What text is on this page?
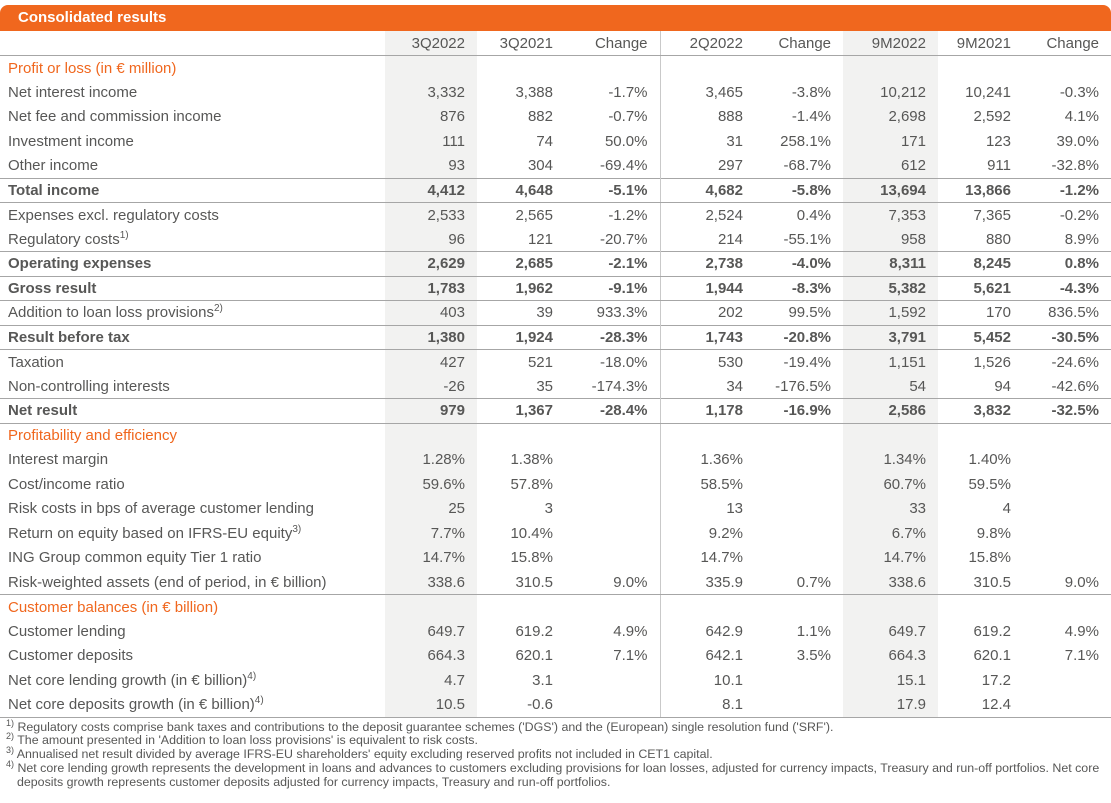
Consolidated results
	3Q2022	3Q2021	Change	2Q2022	Change	9M2022	9M2021	Change
Profit or loss (in € million)								
Net interest income	3,332	3,388	-1.7%	3,465	-3.8%	10,212	10,241	-0.3%
Net fee and commission income	876	882	-0.7%	888	-1.4%	2,698	2,592	4.1%
Investment income	111	74	50.0%	31	258.1%	171	123	39.0%
Other income	93	304	-69.4%	297	-68.7%	612	911	-32.8%
Total income	4,412	4,648	-5.1%	4,682	-5.8%	13,694	13,866	-1.2%
Expenses excl. regulatory costs	2,533	2,565	-1.2%	2,524	0.4%	7,353	7,365	-0.2%
Regulatory costs$^{1)}$	96	121	-20.7%	214	-55.1%	958	880	8.9%
Operating expenses	2,629	2,685	-2.1%	2,738	-4.0%	8,311	8,245	0.8%
Gross result	1,783	1,962	-9.1%	1,944	-8.3%	5,382	5,621	-4.3%
Addition to loan loss provisions$^{2)}$	403	39	933.3%	202	99.5%	1,592	170	836.5%
Result before tax	1,380	1,924	-28.3%	1,743	-20.8%	3,791	5,452	-30.5%
Taxation	427	521	-18.0%	530	-19.4%	1,151	1,526	-24.6%
Non-controlling interests	-26	35	-174.3%	34	-176.5%	54	94	-42.6%
Net result	979	1,367	-28.4%	1,178	-16.9%	2,586	3,832	-32.5%
Profitability and efficiency								
Interest margin	1.28%	1.38%		1.36%		1.34%	1.40%	
Cost/income ratio	59.6%	57.8%		58.5%		60.7%	59.5%	
Risk costs in bps of average customer lending	25	3		13		33	4	
Return on equity based on IFRS-EU equity$^{3)}$	7.7%	10.4%		9.2%		6.7%	9.8%	
ING Group common equity Tier 1 ratio	14.7%	15.8%		14.7%		14.7%	15.8%	
Risk-weighted assets (end of period, in € billion)	338.6	310.5	9.0%	335.9	0.7%	338.6	310.5	9.0%
Customer balances (in € billion)								
Customer lending	649.7	619.2	4.9%	642.9	1.1%	649.7	619.2	4.9%
Customer deposits	664.3	620.1	7.1%	642.1	3.5%	664.3	620.1	7.1%
Net core lending growth (in € billion)$^{4)}$	4.7	3.1		10.1		15.1	17.2	
Net core deposits growth (in € billion)$^{4)}$	10.5	-0.6		8.1		17.9	12.4	
$^{1)}$ Regulatory costs comprise bank taxes and contributions to the deposit guarantee schemes ('DGS') and the (European) single resolution fund ('SRF').
$^{2)}$ The amount presented in 'Addition to loan loss provisions' is equivalent to risk costs.
$^{3)}$ Annualised net result divided by average IFRS-EU shareholders' equity excluding reserved profits not included in CET1 capital.
$^{4)}$ Net core lending growth represents the development in loans and advances to customers excluding provisions for loan losses, adjusted for currency impacts, Treasury and run-off portfolios. Net core deposits growth represents customer deposits adjusted for currency impacts, Treasury and run-off portfolios.
